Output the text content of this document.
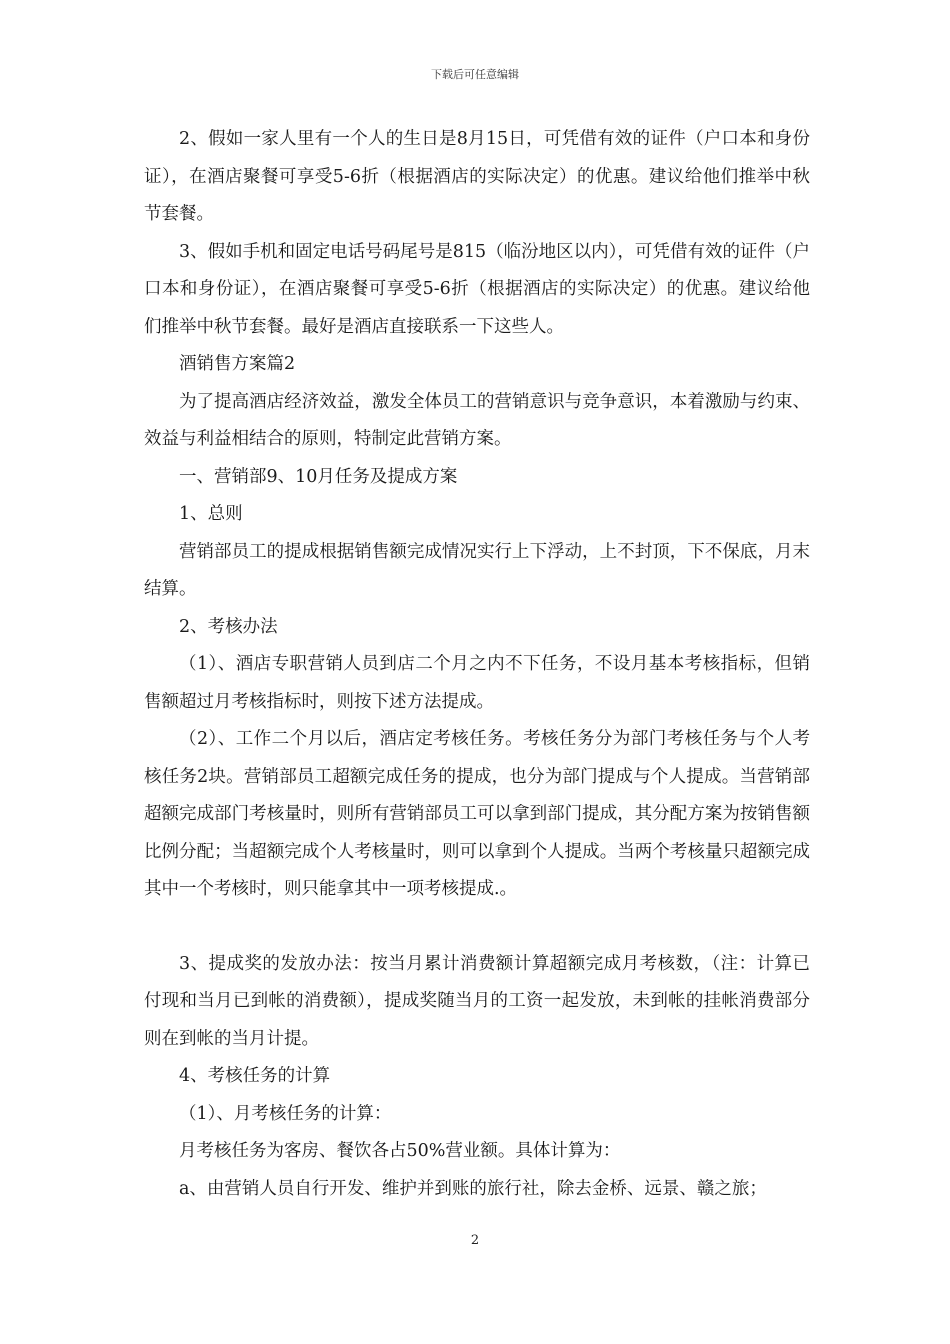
下载后可任意编辑

2、假如一家人里有一个人的生日是8月15日，可凭借有效的证件（户口本和身份证），在酒店聚餐可享受5-6折（根据酒店的实际决定）的优惠。建议给他们推举中秋节套餐。

3、假如手机和固定电话号码尾号是815（临汾地区以内），可凭借有效的证件（户口本和身份证），在酒店聚餐可享受5-6折（根据酒店的实际决定）的优惠。建议给他们推举中秋节套餐。最好是酒店直接联系一下这些人。

酒销售方案篇2

为了提高酒店经济效益，激发全体员工的营销意识与竞争意识，本着激励与约束、效益与利益相结合的原则，特制定此营销方案。

一、营销部9、10月任务及提成方案

1、总则

营销部员工的提成根据销售额完成情况实行上下浮动，上不封顶，下不保底，月末结算。

2、考核办法

（1）、酒店专职营销人员到店二个月之内不下任务，不设月基本考核指标，但销售额超过月考核指标时，则按下述方法提成。

（2）、工作二个月以后，酒店定考核任务。考核任务分为部门考核任务与个人考核任务2块。营销部员工超额完成任务的提成，也分为部门提成与个人提成。当营销部超额完成部门考核量时，则所有营销部员工可以拿到部门提成，其分配方案为按销售额比例分配；当超额完成个人考核量时，则可以拿到个人提成。当两个考核量只超额完成其中一个考核时，则只能拿其中一项考核提成.。

3、提成奖的发放办法：按当月累计消费额计算超额完成月考核数，（注：计算已付现和当月已到帐的消费额），提成奖随当月的工资一起发放，未到帐的挂帐消费部分则在到帐的当月计提。

4、考核任务的计算

（1）、月考核任务的计算：

月考核任务为客房、餐饮各占50%营业额。具体计算为：

a、由营销人员自行开发、维护并到账的旅行社，除去金桥、远景、赣之旅；

2
